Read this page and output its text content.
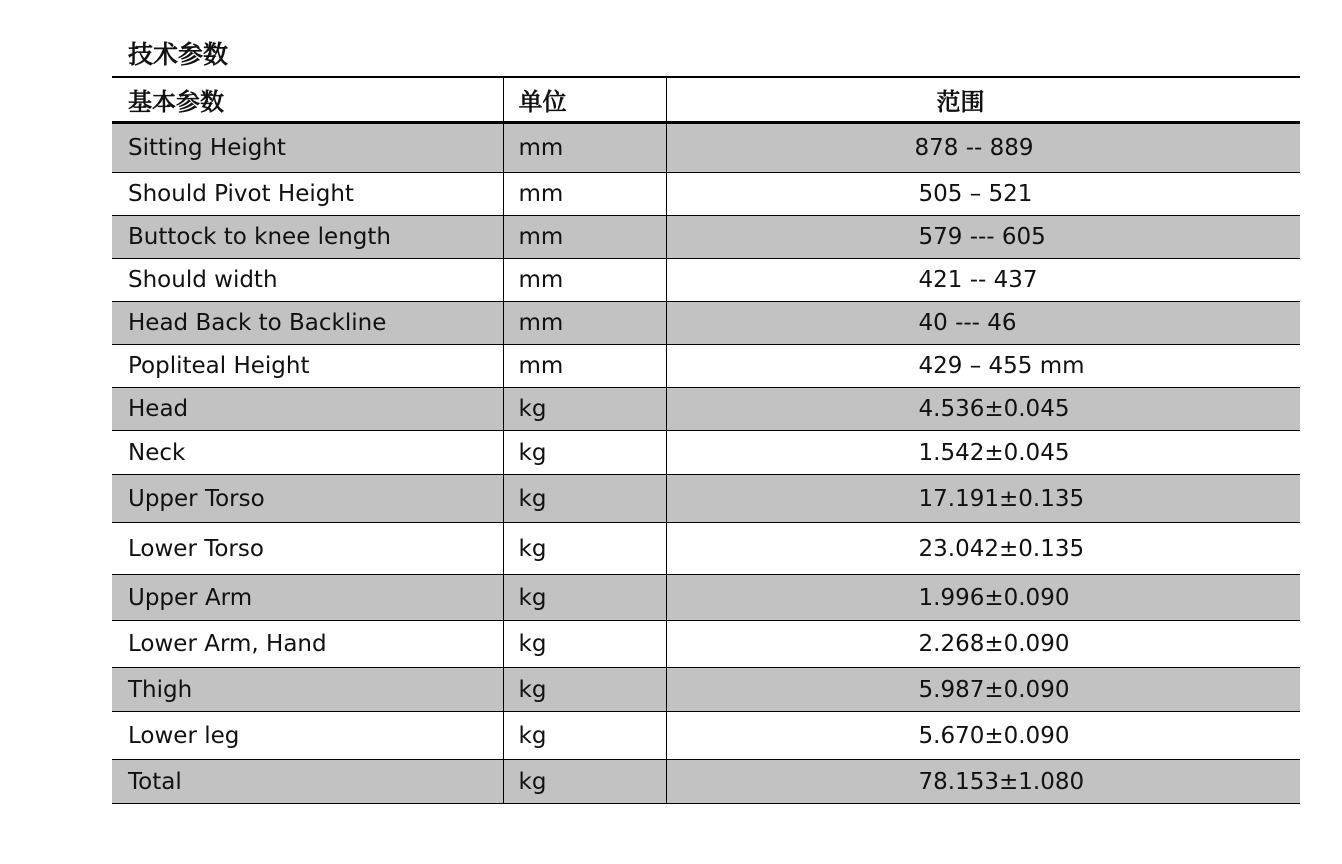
技术参数
基本参数	单位	范围
Sitting Height	mm	878 -- 889
Should Pivot Height	mm	505 – 521
Buttock to knee length	mm	579 --- 605
Should width	mm	421 -- 437
Head Back to Backline	mm	40 --- 46
Popliteal Height	mm	429 – 455 mm
Head	kg	4.536±0.045
Neck	kg	1.542±0.045
Upper Torso	kg	17.191±0.135
Lower Torso	kg	23.042±0.135
Upper Arm	kg	1.996±0.090
Lower Arm, Hand	kg	2.268±0.090
Thigh	kg	5.987±0.090
Lower leg	kg	5.670±0.090
Total	kg	78.153±1.080
